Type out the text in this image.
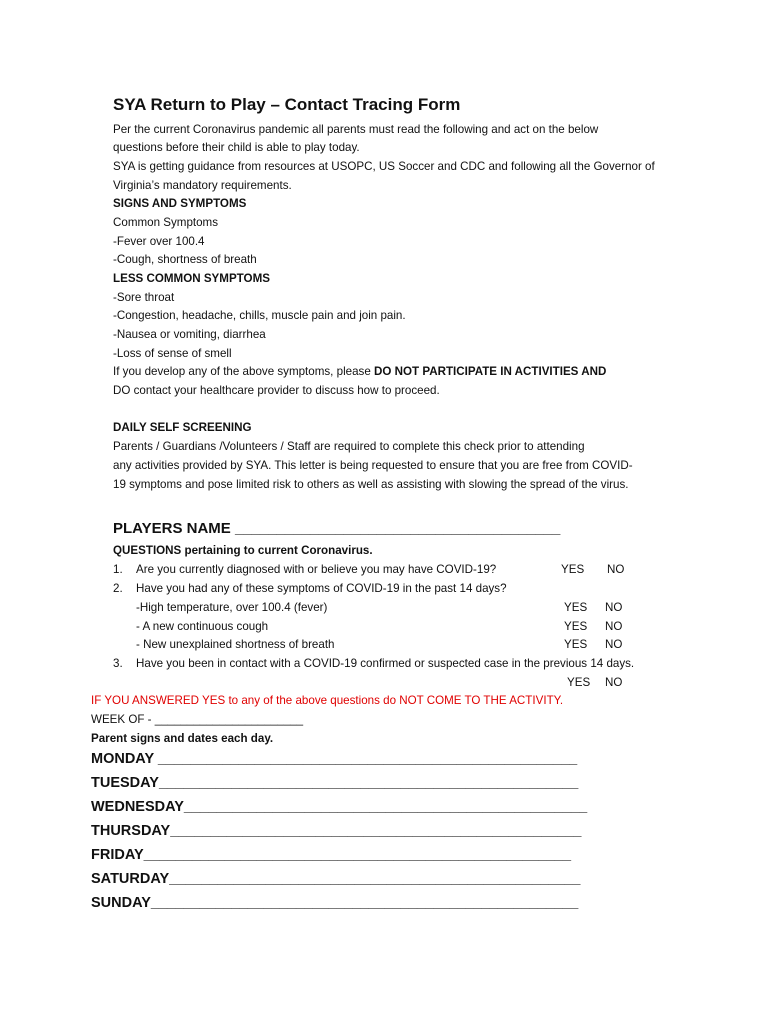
SYA Return to Play – Contact Tracing Form
Per the current Coronavirus pandemic all parents must read the following and act on the below
questions before their child is able to play today.
SYA is getting guidance from resources at USOPC, US Soccer and CDC and following all the Governor of
Virginia’s mandatory requirements.
SIGNS AND SYMPTOMS
Common Symptoms
-Fever over 100.4
-Cough, shortness of breath
LESS COMMON SYMPTOMS
-Sore throat
-Congestion, headache, chills, muscle pain and join pain.
-Nausea or vomiting, diarrhea
-Loss of sense of smell
If you develop any of the above symptoms, please DO NOT PARTICIPATE IN ACTIVITIES AND
DO contact your healthcare provider to discuss how to proceed.
DAILY SELF SCREENING
Parents / Guardians /Volunteers / Staff are required to complete this check prior to attending
any activities provided by SYA. This letter is being requested to ensure that you are free from COVID-
19 symptoms and pose limited risk to others as well as assisting with slowing the spread of the virus.
PLAYERS NAME _______________________________________
QUESTIONS pertaining to current Coronavirus.
1. Are you currently diagnosed with or believe you may have COVID-19?	YES NO
2. Have you had any of these symptoms of COVID-19 in the past 14 days?
-High temperature, over 100.4 (fever)	YES NO
- A new continuous cough	YES NO
- New unexplained shortness of breath	YES NO
3. Have you been in contact with a COVID-19 confirmed or suspected case in the previous 14 days.
YES NO
IF YOU ANSWERED YES to any of the above questions do NOT COME TO THE ACTIVITY.
WEEK OF - _______________________
Parent signs and dates each day.
MONDAY ____________________________________________________
TUESDAY____________________________________________________
WEDNESDAY__________________________________________________
THURSDAY___________________________________________________
FRIDAY_____________________________________________________
SATURDAY___________________________________________________
SUNDAY_____________________________________________________
